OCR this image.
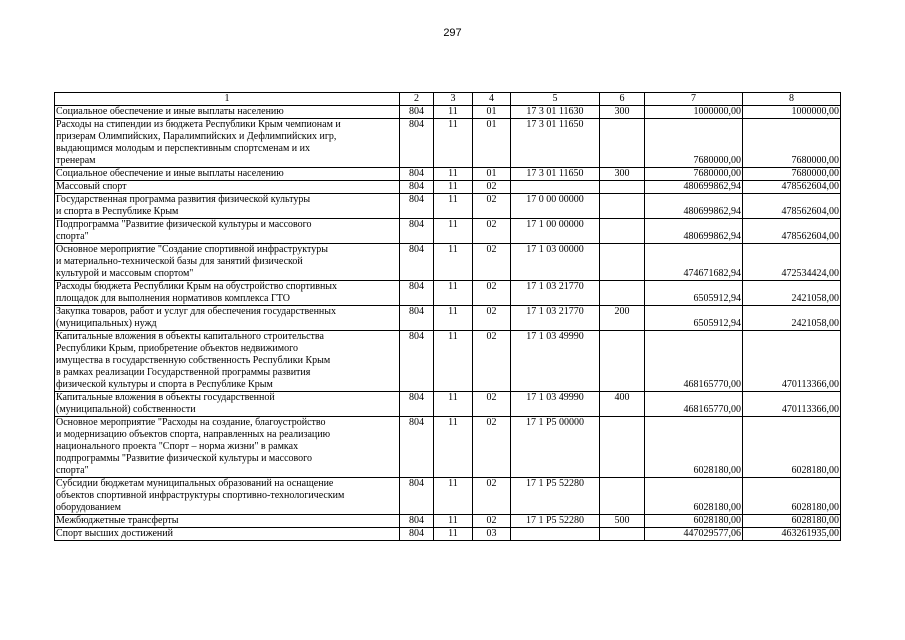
297
1	2	3	4	5	6	7	8
Социальное обеспечение и иные выплаты населению	804	11	01	17 3 01 11630	300	1000000,00	1000000,00
Расходы на стипендии из бюджета Республики Крым чемпионам и
призерам Олимпийских, Паралимпийских и Дефлимпийских игр,
выдающимся молодым и перспективным спортсменам и их
тренерам	804	11	01	17 3 01 11650		7680000,00	7680000,00
Социальное обеспечение и иные выплаты населению	804	11	01	17 3 01 11650	300	7680000,00	7680000,00
Массовый спорт	804	11	02			480699862,94	478562604,00
Государственная программа развития физической культуры
и спорта в Республике Крым	804	11	02	17 0 00 00000		480699862,94	478562604,00
Подпрограмма "Развитие физической культуры и массового
спорта"	804	11	02	17 1 00 00000		480699862,94	478562604,00
Основное мероприятие "Создание спортивной инфраструктуры
и материально-технической базы для занятий физической
культурой и массовым спортом"	804	11	02	17 1 03 00000		474671682,94	472534424,00
Расходы бюджета Республики Крым на обустройство спортивных
площадок для выполнения нормативов комплекса ГТО	804	11	02	17 1 03 21770		6505912,94	2421058,00
Закупка товаров, работ и услуг для обеспечения государственных
(муниципальных) нужд	804	11	02	17 1 03 21770	200	6505912,94	2421058,00
Капитальные вложения в объекты капитального строительства
Республики Крым, приобретение объектов недвижимого
имущества в государственную собственность Республики Крым
в рамках реализации Государственной программы развития
физической культуры и спорта в Республике Крым	804	11	02	17 1 03 49990		468165770,00	470113366,00
Капитальные вложения в объекты государственной
(муниципальной) собственности	804	11	02	17 1 03 49990	400	468165770,00	470113366,00
Основное мероприятие "Расходы на создание, благоустройство
и модернизацию объектов спорта, направленных на реализацию
национального проекта "Спорт – норма жизни" в рамках
подпрограммы "Развитие физической культуры и массового
спорта"	804	11	02	17 1 P5 00000		6028180,00	6028180,00
Субсидии бюджетам муниципальных образований на оснащение
объектов спортивной инфраструктуры спортивно-технологическим
оборудованием	804	11	02	17 1 P5 52280		6028180,00	6028180,00
Межбюджетные трансферты	804	11	02	17 1 P5 52280	500	6028180,00	6028180,00
Спорт высших достижений	804	11	03			447029577,06	463261935,00
